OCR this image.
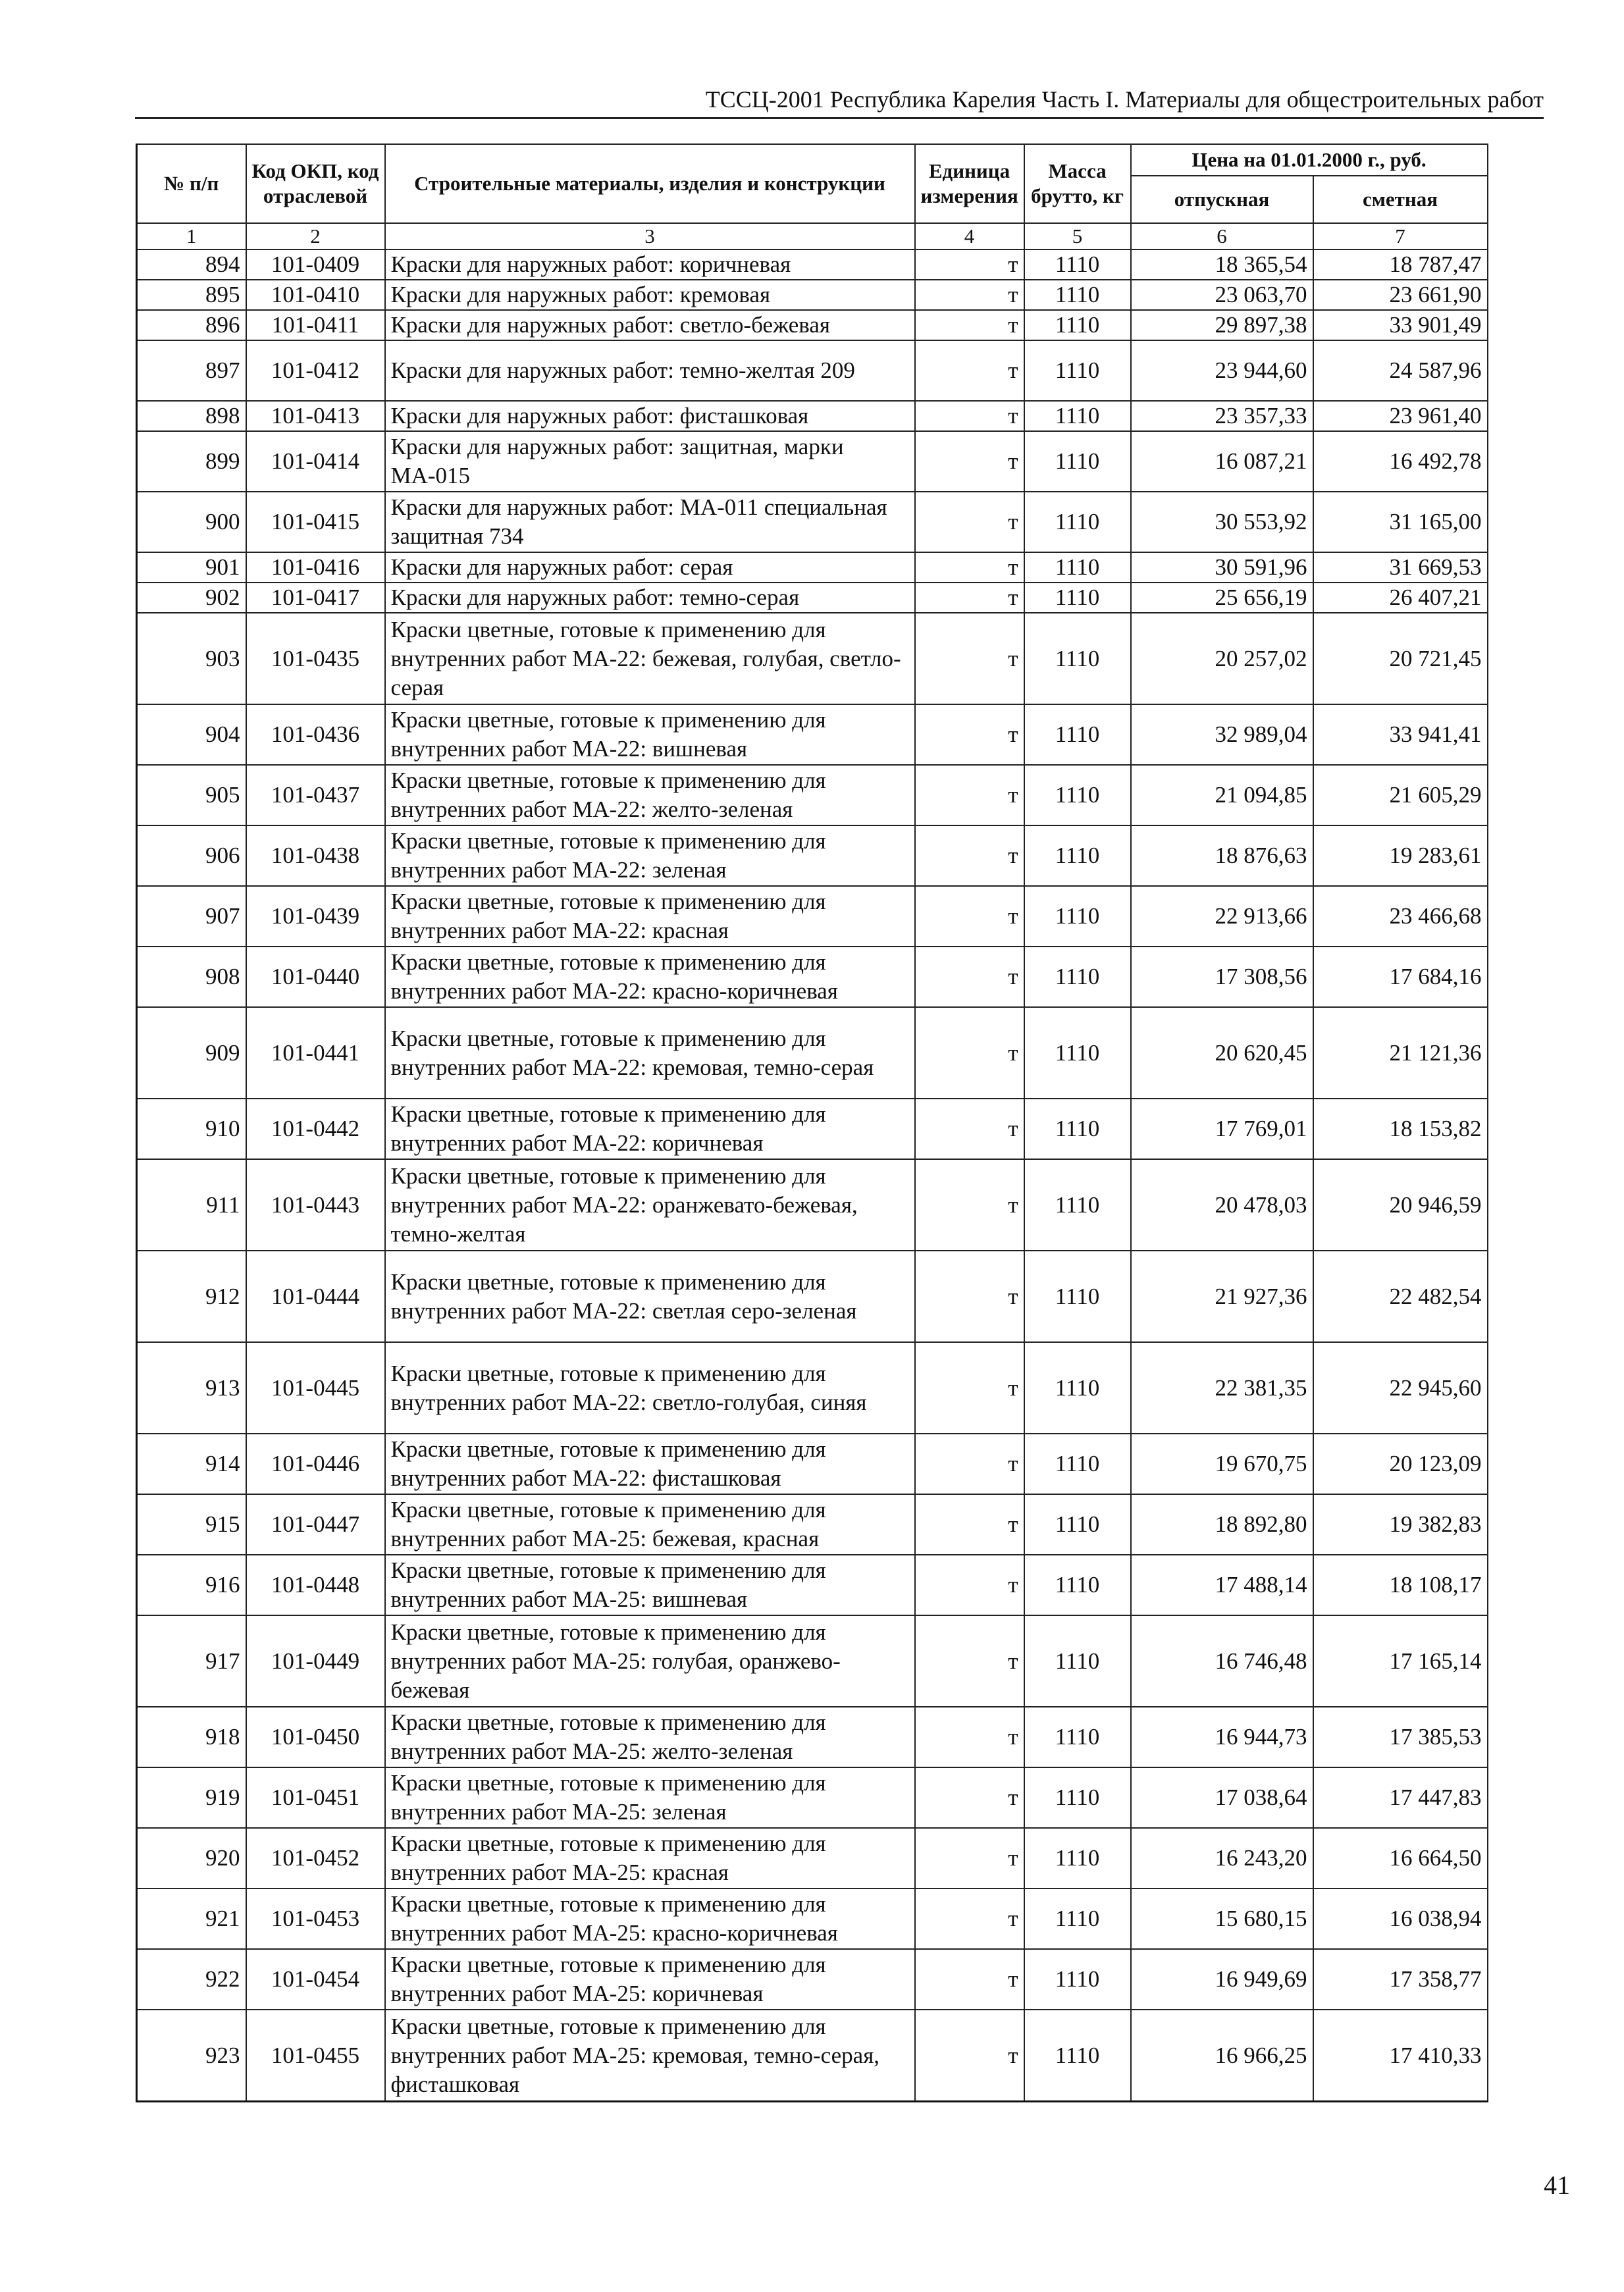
ТССЦ-2001 Республика Карелия Часть I. Материалы для общестроительных работ
№ п/п	Код ОКП, код отраслевой	Строительные материалы, изделия и конструкции	Единица измерения	Масса брутто, кг	Цена на 01.01.2000 г., руб.	
					отпускная	сметная
1	2	3	4	5	6	7
894	101-0409	Краски для наружных работ: коричневая	т	1110	18 365,54	18 787,47
895	101-0410	Краски для наружных работ: кремовая	т	1110	23 063,70	23 661,90
896	101-0411	Краски для наружных работ: светло-бежевая	т	1110	29 897,38	33 901,49
897	101-0412	Краски для наружных работ: темно-желтая 209	т	1110	23 944,60	24 587,96
898	101-0413	Краски для наружных работ: фисташковая	т	1110	23 357,33	23 961,40
899	101-0414	Краски для наружных работ: защитная, марки МА-015	т	1110	16 087,21	16 492,78
900	101-0415	Краски для наружных работ: МА-011 специальная защитная 734	т	1110	30 553,92	31 165,00
901	101-0416	Краски для наружных работ: серая	т	1110	30 591,96	31 669,53
902	101-0417	Краски для наружных работ: темно-серая	т	1110	25 656,19	26 407,21
903	101-0435	Краски цветные, готовые к применению для внутренних работ МА-22: бежевая, голубая, светло-серая	т	1110	20 257,02	20 721,45
904	101-0436	Краски цветные, готовые к применению для внутренних работ МА-22: вишневая	т	1110	32 989,04	33 941,41
905	101-0437	Краски цветные, готовые к применению для внутренних работ МА-22: желто-зеленая	т	1110	21 094,85	21 605,29
906	101-0438	Краски цветные, готовые к применению для внутренних работ МА-22: зеленая	т	1110	18 876,63	19 283,61
907	101-0439	Краски цветные, готовые к применению для внутренних работ МА-22: красная	т	1110	22 913,66	23 466,68
908	101-0440	Краски цветные, готовые к применению для внутренних работ МА-22: красно-коричневая	т	1110	17 308,56	17 684,16
909	101-0441	Краски цветные, готовые к применению для внутренних работ МА-22: кремовая, темно-серая	т	1110	20 620,45	21 121,36
910	101-0442	Краски цветные, готовые к применению для внутренних работ МА-22: коричневая	т	1110	17 769,01	18 153,82
911	101-0443	Краски цветные, готовые к применению для внутренних работ МА-22: оранжевато-бежевая, темно-желтая	т	1110	20 478,03	20 946,59
912	101-0444	Краски цветные, готовые к применению для внутренних работ МА-22: светлая серо-зеленая	т	1110	21 927,36	22 482,54
913	101-0445	Краски цветные, готовые к применению для внутренних работ МА-22: светло-голубая, синяя	т	1110	22 381,35	22 945,60
914	101-0446	Краски цветные, готовые к применению для внутренних работ МА-22: фисташковая	т	1110	19 670,75	20 123,09
915	101-0447	Краски цветные, готовые к применению для внутренних работ МА-25: бежевая, красная	т	1110	18 892,80	19 382,83
916	101-0448	Краски цветные, готовые к применению для внутренних работ МА-25: вишневая	т	1110	17 488,14	18 108,17
917	101-0449	Краски цветные, готовые к применению для внутренних работ МА-25: голубая, оранжево-бежевая	т	1110	16 746,48	17 165,14
918	101-0450	Краски цветные, готовые к применению для внутренних работ МА-25: желто-зеленая	т	1110	16 944,73	17 385,53
919	101-0451	Краски цветные, готовые к применению для внутренних работ МА-25: зеленая	т	1110	17 038,64	17 447,83
920	101-0452	Краски цветные, готовые к применению для внутренних работ МА-25: красная	т	1110	16 243,20	16 664,50
921	101-0453	Краски цветные, готовые к применению для внутренних работ МА-25: красно-коричневая	т	1110	15 680,15	16 038,94
922	101-0454	Краски цветные, готовые к применению для внутренних работ МА-25: коричневая	т	1110	16 949,69	17 358,77
923	101-0455	Краски цветные, готовые к применению для внутренних работ МА-25: кремовая, темно-серая, фисташковая	т	1110	16 966,25	17 410,33
41
